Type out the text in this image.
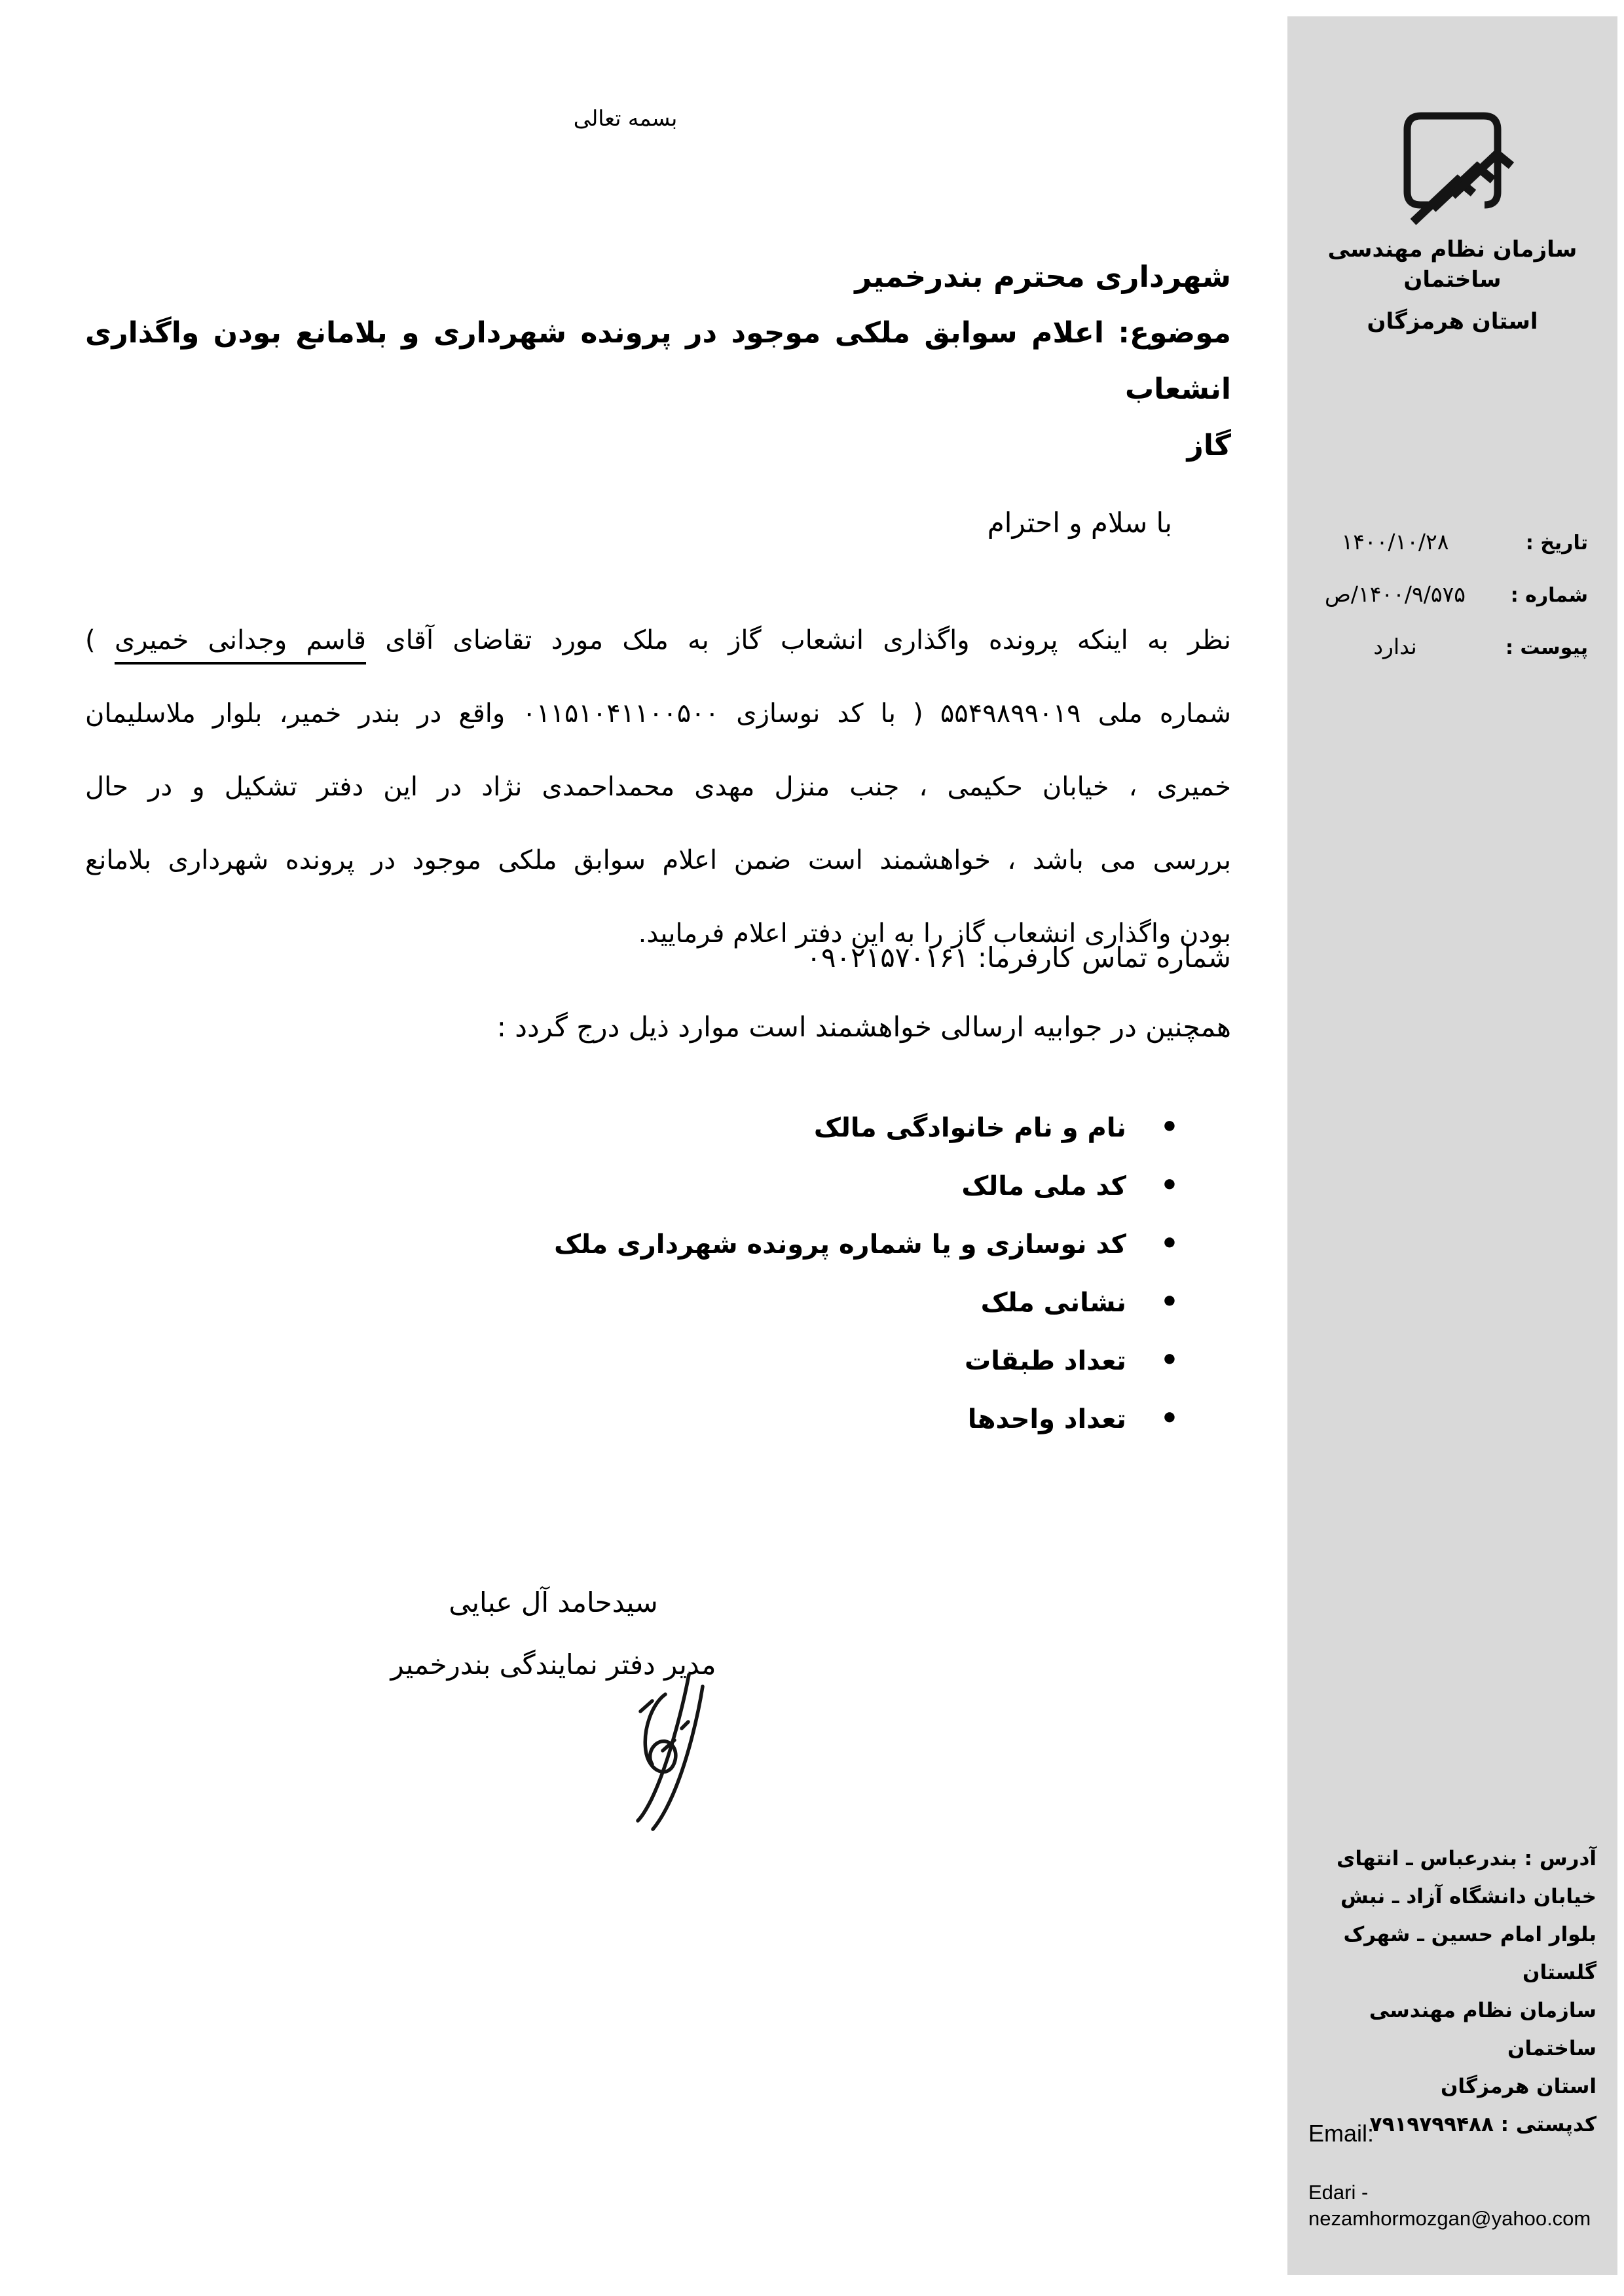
بسمه تعالی
شهرداری محترم بندرخمیر
موضوع: اعلام سوابق ملکی موجود در پرونده شهرداری و بلامانع بودن واگذاری انشعاب
گاز
با سلام و احترام
نظر به اینکه پرونده واگذاری انشعاب گاز به ملک مورد تقاضای آقای قاسم وجدانی خمیری )
شماره ملی ۵۵۴۹۸۹۹۰۱۹ ( با کد نوسازی ۰۱۱۵۱۰۴۱۱۰۰۵۰۰ واقع در بندر خمیر، بلوار ملاسلیمان
خمیری ، خیابان حکیمی ، جنب منزل مهدی محمداحمدی نژاد در این دفتر تشکیل و در حال
بررسی می باشد ، خواهشمند است ضمن اعلام سوابق ملکی موجود در پرونده شهرداری بلامانع
بودن واگذاری انشعاب گاز را به این دفتر اعلام فرمایید.
شماره تماس کارفرما: ۰۹۰۲۱۵۷۰۱۶۱
همچنین در جوابیه ارسالی خواهشمند است موارد ذیل درج گردد :
•
نام و نام خانوادگی مالک
•
کد ملی مالک
•
کد نوسازی و یا شماره پرونده شهرداری ملک
•
نشانی ملک
•
تعداد طبقات
•
تعداد واحدها
سیدحامد آل عبایی
مدیر دفتر نمایندگی بندرخمیر
سازمان نظام مهندسی ساختمان
استان هرمزگان
تاریخ :
۱۴۰۰/۱۰/۲۸
شماره :
۱۴۰۰/۹/۵۷۵/ص
پیوست :
ندارد
آدرس : بندرعباس ـ انتهای
خیابان دانشگاه آزاد ـ نبش
بلوار امام حسین ـ شهرک
گلستان
سازمان نظام مهندسی ساختمان
استان هرمزگان
کدپستی : ۷۹۱۹۷۹۹۴۸۸
Email:
Edari - nezamhormozgan@yahoo.com
